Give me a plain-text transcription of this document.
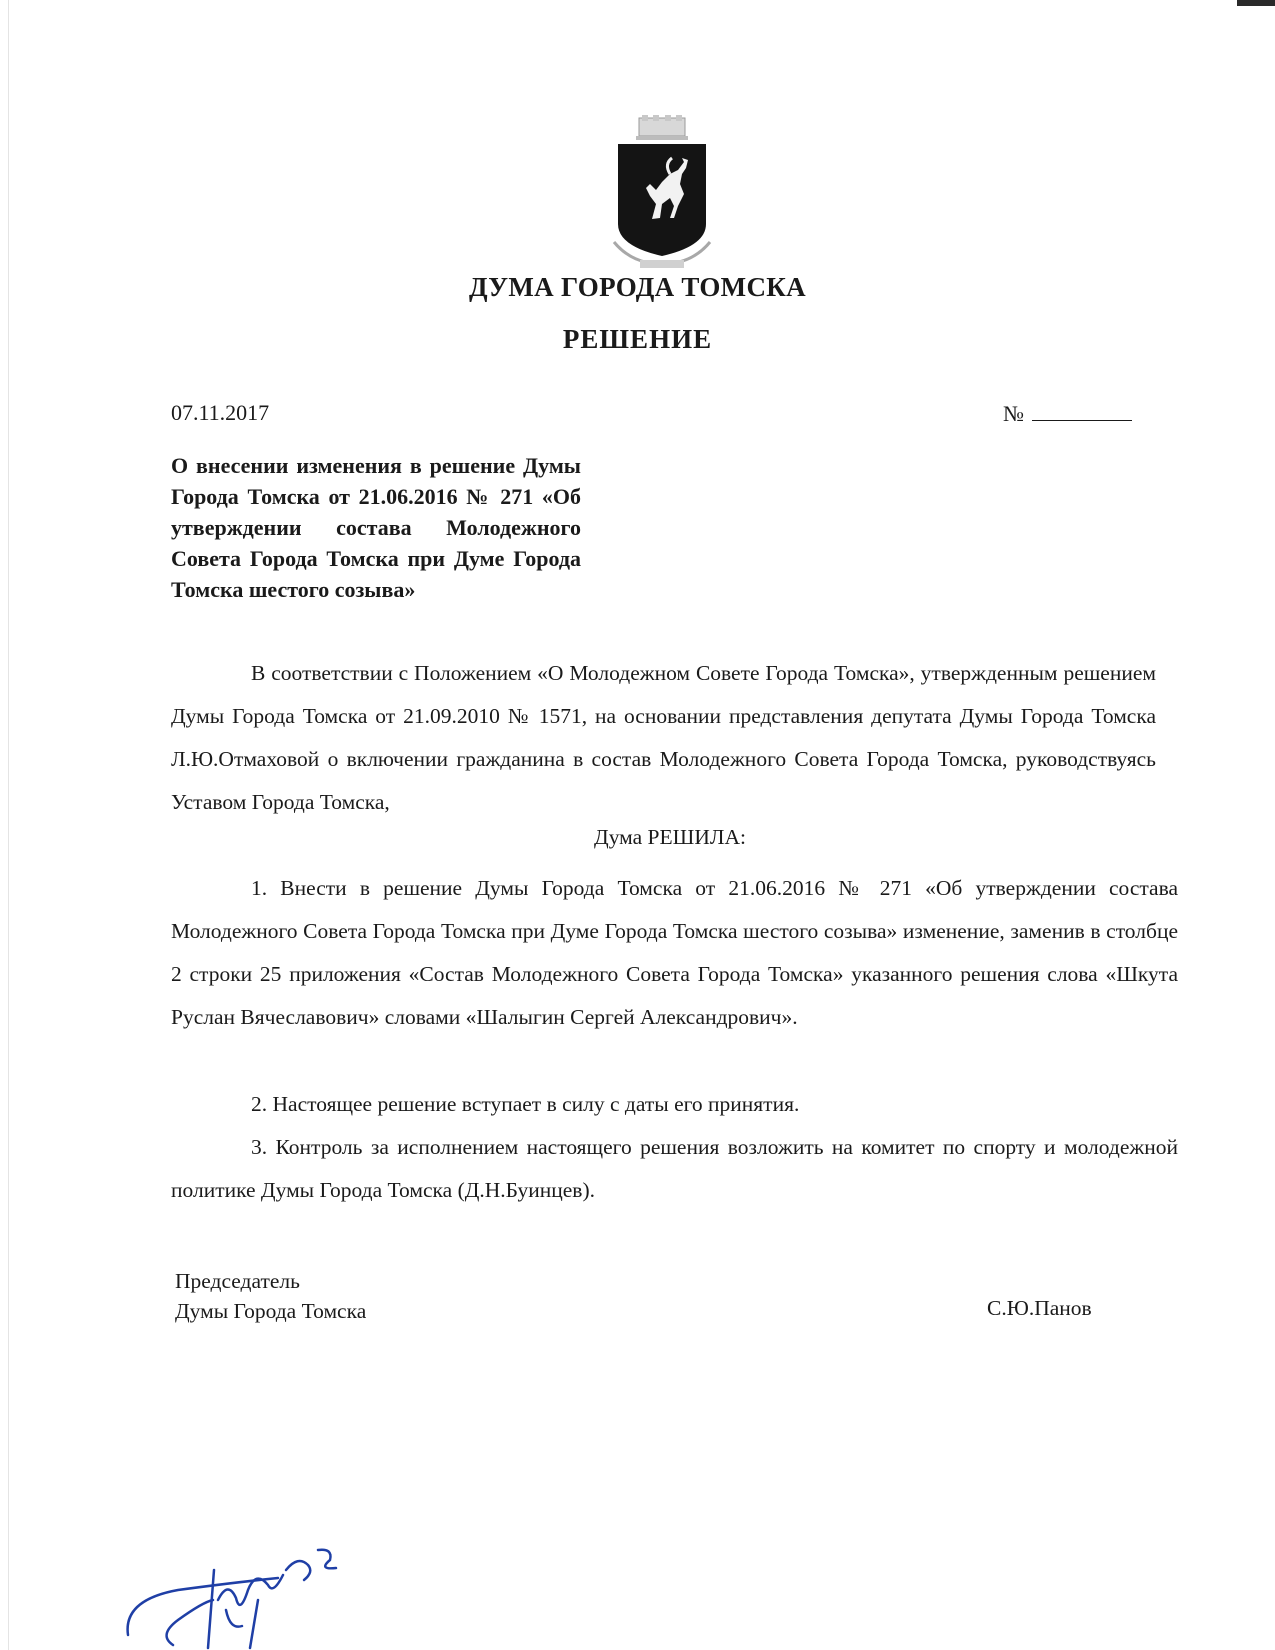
ДУМА ГОРОДА ТОМСКА
РЕШЕНИЕ
07.11.2017	№
О внесении изменения в решение Думы Города Томска от 21.06.2016 № 271 «Об утверждении состава Молодежного Совета Города Томска при Думе Города Томска шестого созыва»

В соответствии с Положением «О Молодежном Совете Города Томска», утвержденным решением Думы Города Томска от 21.09.2010 № 1571, на основании представления депутата Думы Города Томска Л.Ю.Отмаховой о включении гражданина в состав Молодежного Совета Города Томска, руководствуясь Уставом Города Томска,

Дума РЕШИЛА:

1. Внести в решение Думы Города Томска от 21.06.2016 № 271 «Об утверждении состава Молодежного Совета Города Томска при Думе Города Томска шестого созыва» изменение, заменив в столбце 2 строки 25 приложения «Состав Молодежного Совета Города Томска» указанного решения слова «Шкута Руслан Вячеславович» словами «Шалыгин Сергей Александрович».

2. Настоящее решение вступает в силу с даты его принятия.

3. Контроль за исполнением настоящего решения возложить на комитет по спорту и молодежной политике Думы Города Томска (Д.Н.Буинцев).

Председатель
Думы Города Томска	С.Ю.Панов
